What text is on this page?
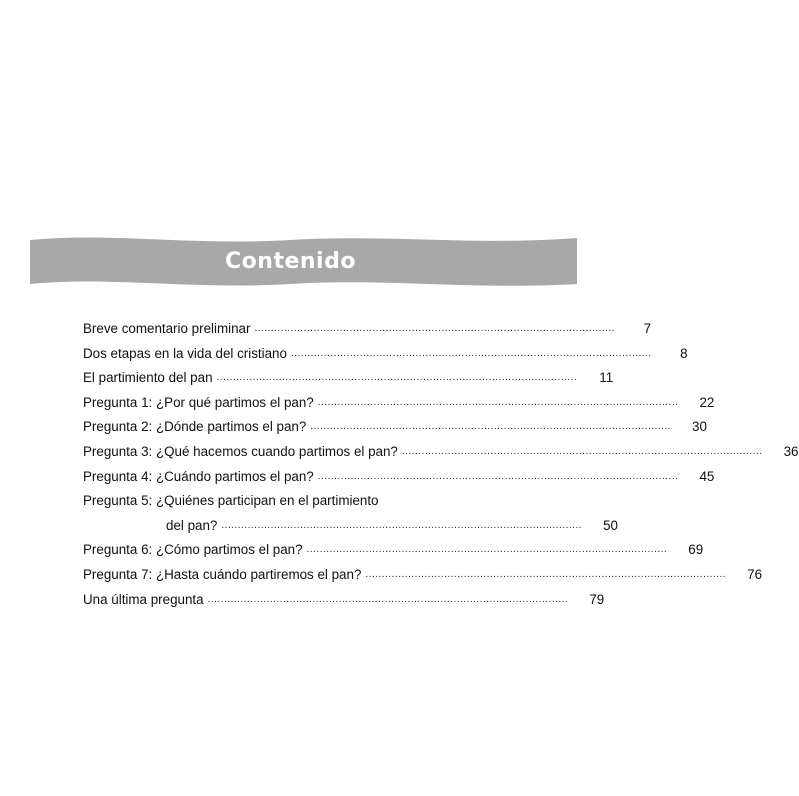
Contenido
Breve comentario preliminar ..............................................................................................................	7
Dos etapas en la vida del cristiano ..............................................................................................................	8
El partimiento del pan ..............................................................................................................	11
Pregunta 1: ¿Por qué partimos el pan? ..............................................................................................................	22
Pregunta 2: ¿Dónde partimos el pan? ..............................................................................................................	30
Pregunta 3: ¿Qué hacemos cuando partimos el pan? ..............................................................................................................	36
Pregunta 4: ¿Cuándo partimos el pan? ..............................................................................................................	45
Pregunta 5: ¿Quiénes participan en el partimiento
del pan? ..............................................................................................................	50
Pregunta 6: ¿Cómo partimos el pan? ..............................................................................................................	69
Pregunta 7: ¿Hasta cuándo partiremos el pan? ..............................................................................................................	76
Una última pregunta ..............................................................................................................	79
